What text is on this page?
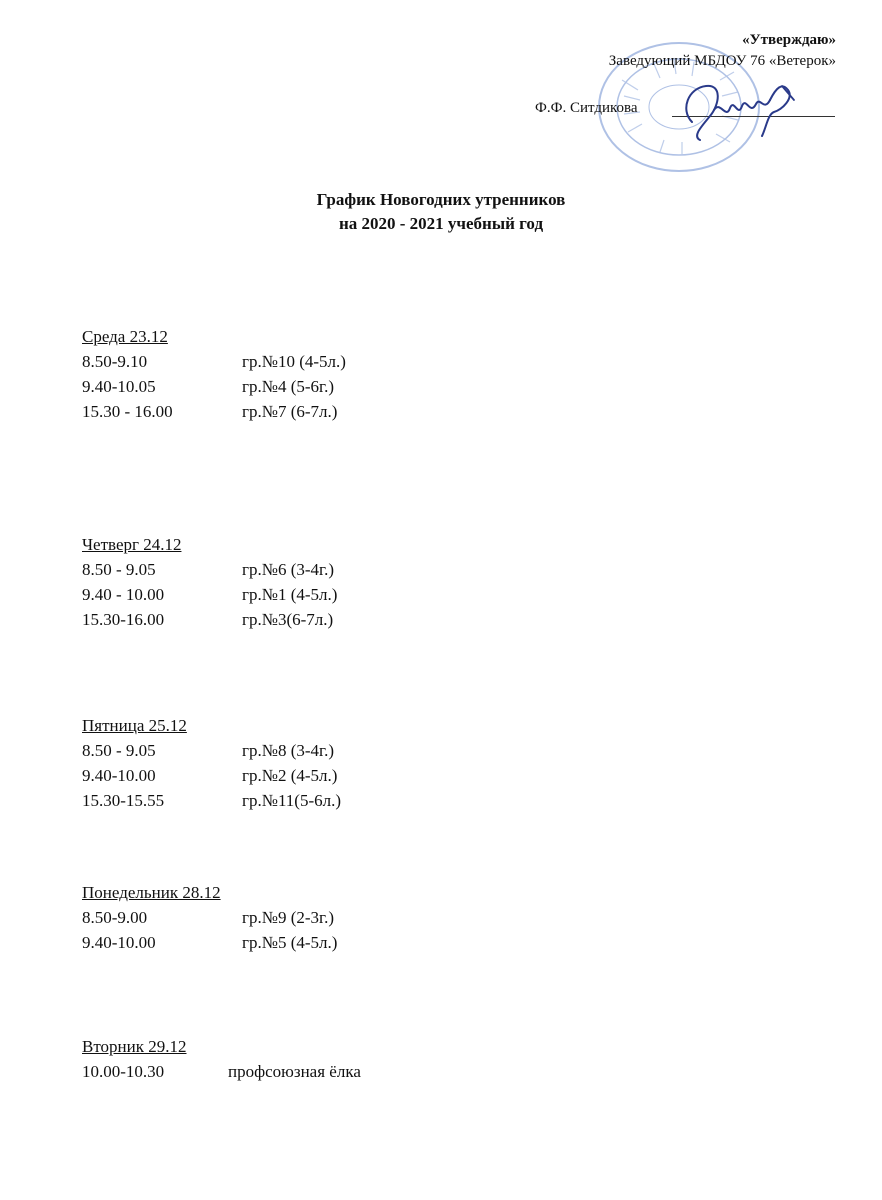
«Утверждаю»
Заведующий МБДОУ 76 «Ветерок»
Ф.Ф. Ситдикова
График Новогодних утренников
на 2020 - 2021 учебный год
Среда 23.12
8.50-9.10	гр.№10 (4-5л.)
9.40-10.05	гр.№4 (5-6г.)
15.30 - 16.00	гр.№7 (6-7л.)
Четверг 24.12
8.50 - 9.05	гр.№6 (3-4г.)
9.40 - 10.00	гр.№1 (4-5л.)
15.30-16.00	гр.№3(6-7л.)
Пятница 25.12
8.50 - 9.05	гр.№8 (3-4г.)
9.40-10.00	гр.№2 (4-5л.)
15.30-15.55	гр.№11(5-6л.)
Понедельник 28.12
8.50-9.00	гр.№9 (2-3г.)
9.40-10.00	гр.№5 (4-5л.)
Вторник 29.12
10.00-10.30	профсоюзная ёлка
